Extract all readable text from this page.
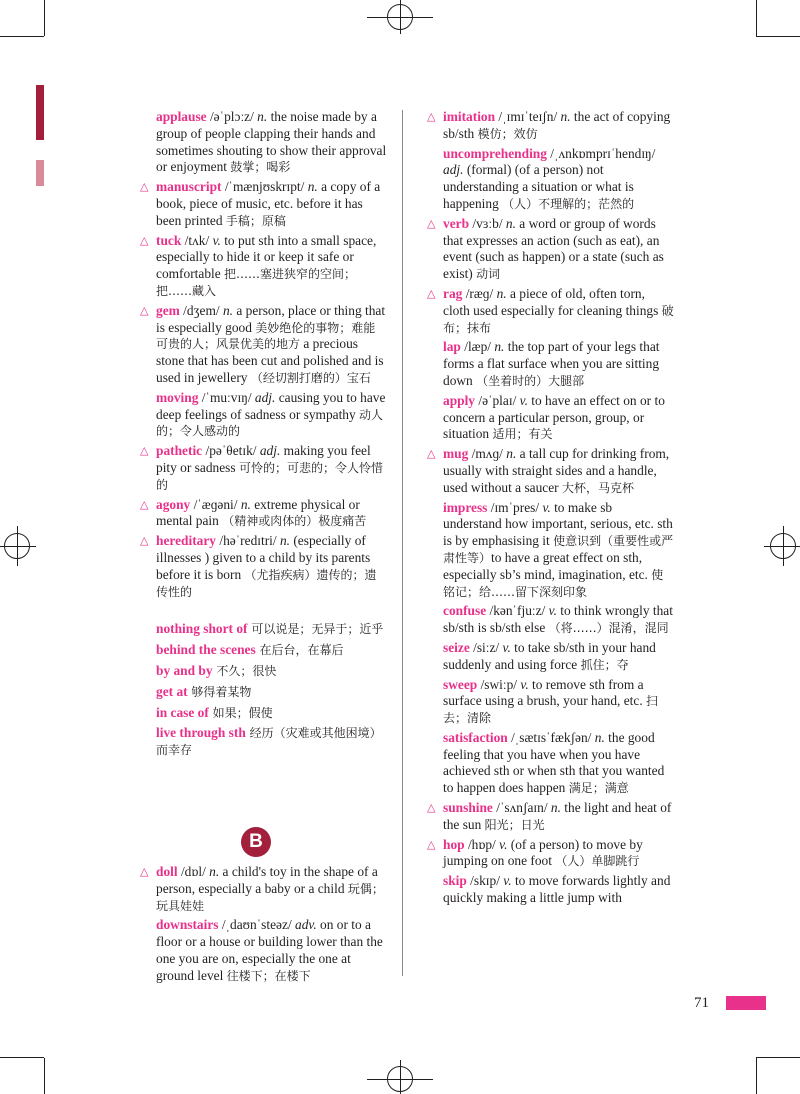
applause /əˈplɔːz/ n. the noise made by a group of people clapping their hands and sometimes shouting to show their approval or enjoyment 鼓掌；喝彩
△ manuscript /ˈmænjʊskrɪpt/ n. a copy of a book, piece of music, etc. before it has been printed 手稿；原稿
△ tuck /tʌk/ v. to put sth into a small space, especially to hide it or keep it safe or comfortable 把……塞进狭窄的空间；把……藏入
△ gem /dʒem/ n. a person, place or thing that is especially good 美妙绝伦的事物；难能可贵的人；风景优美的地方 a precious stone that has been cut and polished and is used in jewellery （经切割打磨的）宝石
moving /ˈmuːvɪŋ/ adj. causing you to have deep feelings of sadness or sympathy 动人的；令人感动的
△ pathetic /pəˈθetɪk/ adj. making you feel pity or sadness 可怜的；可悲的；令人怜惜的
△ agony /ˈæɡəni/ n. extreme physical or mental pain （精神或肉体的）极度痛苦
△ hereditary /həˈredɪtri/ n. (especially of illnesses ) given to a child by its parents before it is born （尤指疾病）遗传的；遗传性的
nothing short of 可以说是；无异于；近乎
behind the scenes 在后台，在幕后
by and by 不久；很快
get at 够得着某物
in case of 如果；假使
live through sth 经历（灾难或其他困境）而幸存
B
△ doll /dɒl/ n. a child's toy in the shape of a person, especially a baby or a child 玩偶；玩具娃娃
downstairs /ˌdaʊnˈsteəz/ adv. on or to a floor or a house or building lower than the one you are on, especially the one at ground level 往楼下；在楼下
△ imitation /ˌɪmɪˈteɪʃn/ n. the act of copying sb/sth 模仿；效仿
uncomprehending /ˌʌnkɒmprɪˈhendɪŋ/ adj. (formal) (of a person) not understanding a situation or what is happening （人）不理解的；茫然的
△ verb /vɜːb/ n. a word or group of words that expresses an action (such as eat), an event (such as happen) or a state (such as exist) 动词
△ rag /ræɡ/ n. a piece of old, often torn, cloth used especially for cleaning things 破布；抹布
lap /læp/ n. the top part of your legs that forms a flat surface when you are sitting down （坐着时的）大腿部
apply /əˈplaɪ/ v. to have an effect on or to concern a particular person, group, or situation 适用；有关
△ mug /mʌɡ/ n. a tall cup for drinking from, usually with straight sides and a handle, used without a saucer 大杯，马克杯
impress /ɪmˈpres/ v. to make sb understand how important, serious, etc. sth is by emphasising it 使意识到（重要性或严肃性等）to have a great effect on sth, especially sb’s mind, imagination, etc. 使铭记；给……留下深刻印象
confuse /kənˈfjuːz/ v. to think wrongly that sb/sth is sb/sth else （将……）混淆，混同
seize /siːz/ v. to take sb/sth in your hand suddenly and using force 抓住；夺
sweep /swiːp/ v. to remove sth from a surface using a brush, your hand, etc. 扫去；清除
satisfaction /ˌsætɪsˈfækʃən/ n. the good feeling that you have when you have achieved sth or when sth that you wanted to happen does happen 满足；满意
△ sunshine /ˈsʌnʃaɪn/ n. the light and heat of the sun 阳光；日光
△ hop /hɒp/ v. (of a person) to move by jumping on one foot （人）单脚跳行
skip /skɪp/ v. to move forwards lightly and quickly making a little jump with
71
